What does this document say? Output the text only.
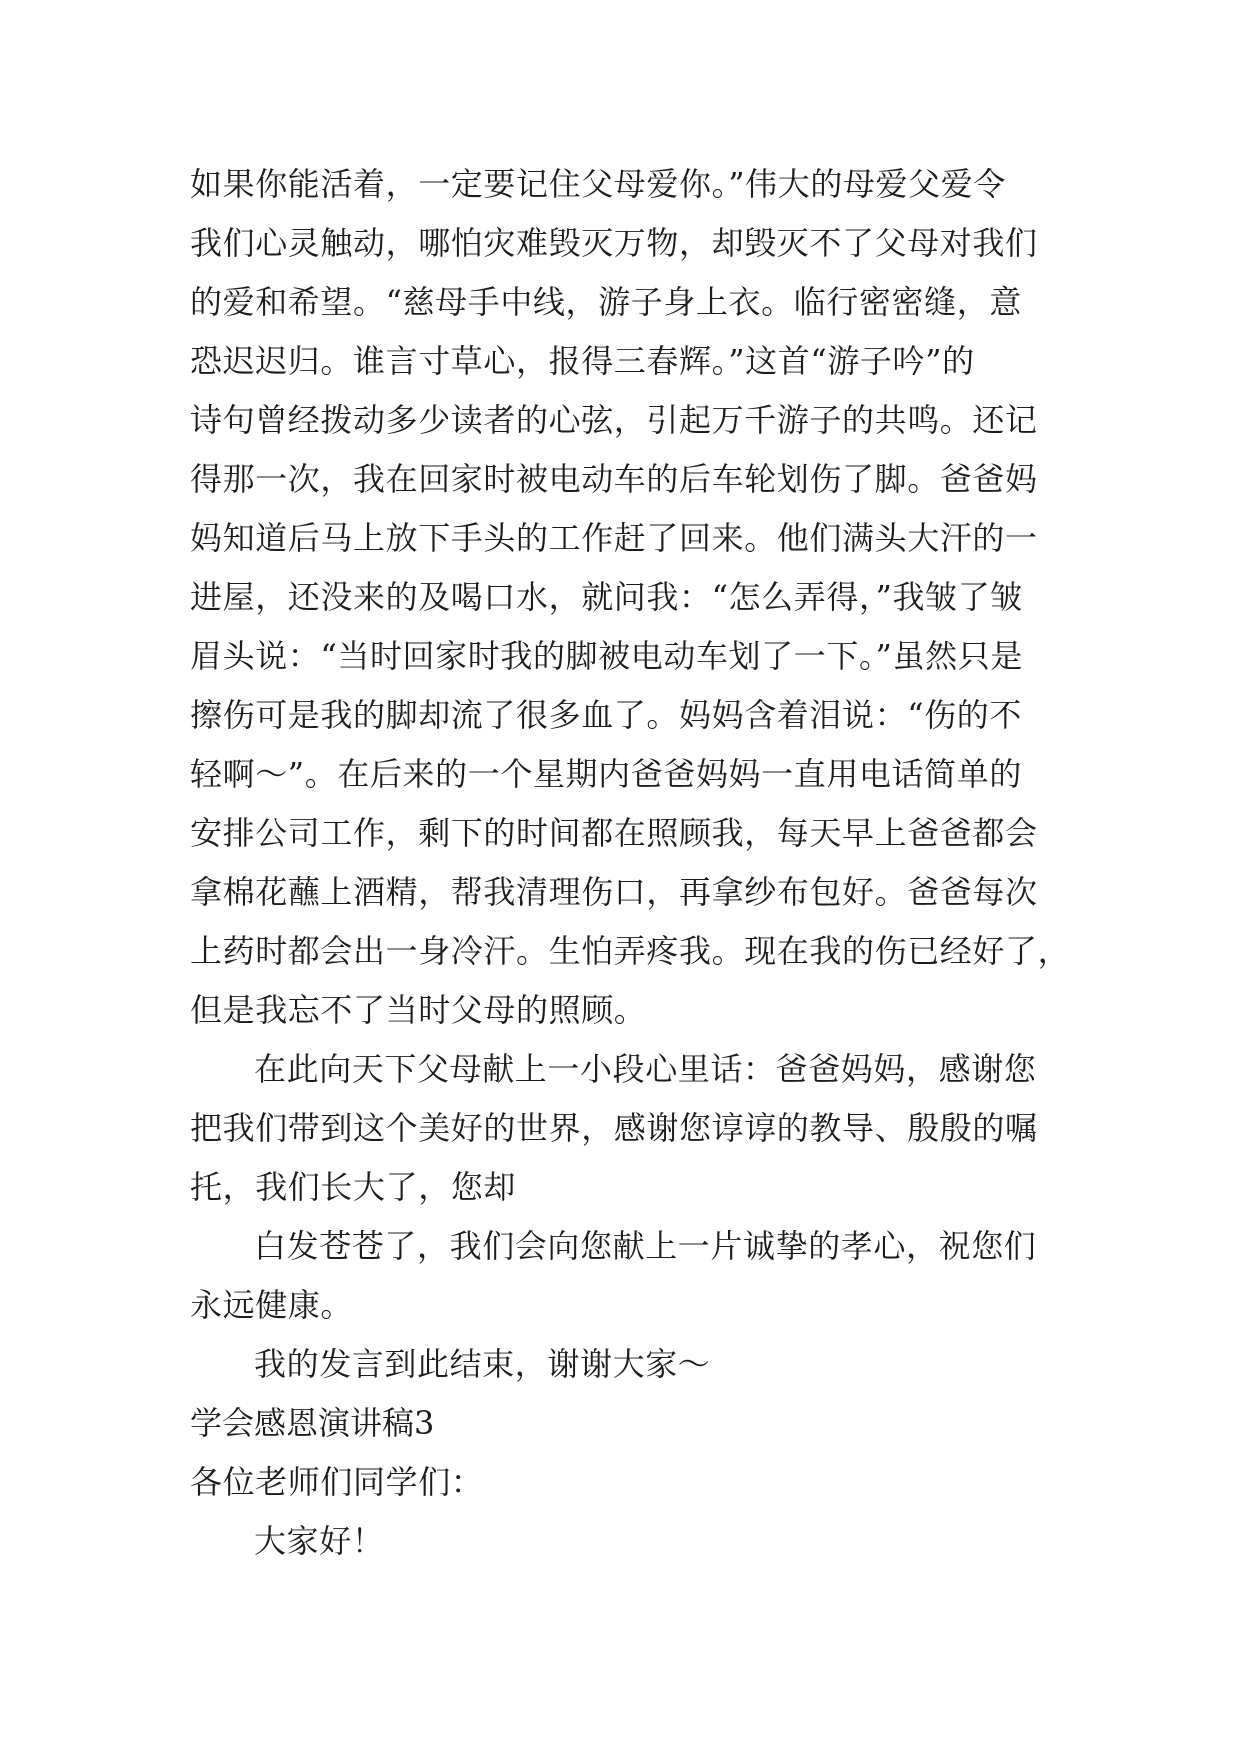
如果你能活着，一定要记住父母爱你。”伟大的母爱父爱令
我们心灵触动，哪怕灾难毁灭万物，却毁灭不了父母对我们
的爱和希望。“慈母手中线，游子身上衣。临行密密缝，意
恐迟迟归。谁言寸草心，报得三春辉。”这首“游子吟”的
诗句曾经拨动多少读者的心弦，引起万千游子的共鸣。还记
得那一次，我在回家时被电动车的后车轮划伤了脚。爸爸妈
妈知道后马上放下手头的工作赶了回来。他们满头大汗的一
进屋，还没来的及喝口水，就问我：“怎么弄得，”我皱了皱
眉头说：“当时回家时我的脚被电动车划了一下。”虽然只是
擦伤可是我的脚却流了很多血了。妈妈含着泪说：“伤的不
轻啊～”。在后来的一个星期内爸爸妈妈一直用电话简单的
安排公司工作，剩下的时间都在照顾我，每天早上爸爸都会
拿棉花蘸上酒精，帮我清理伤口，再拿纱布包好。爸爸每次
上药时都会出一身冷汗。生怕弄疼我。现在我的伤已经好了，
但是我忘不了当时父母的照顾。
在此向天下父母献上一小段心里话：爸爸妈妈，感谢您
把我们带到这个美好的世界，感谢您谆谆的教导、殷殷的嘱
托，我们长大了，您却
白发苍苍了，我们会向您献上一片诚挚的孝心，祝您们
永远健康。
我的发言到此结束，谢谢大家～
学会感恩演讲稿3
各位老师们同学们：
大家好！
